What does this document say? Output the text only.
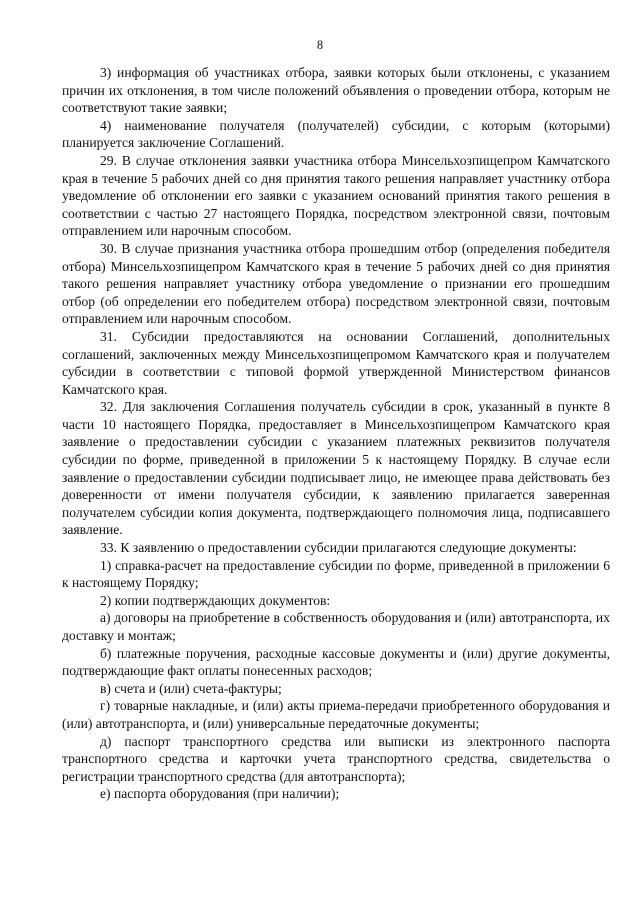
8

3) информация об участниках отбора, заявки которых были отклонены, с указанием причин их отклонения, в том числе положений объявления о проведении отбора, которым не соответствуют такие заявки;

4) наименование получателя (получателей) субсидии, с которым (которыми) планируется заключение Соглашений.

29. В случае отклонения заявки участника отбора Минсельхозпищепром Камчатского края в течение 5 рабочих дней со дня принятия такого решения направляет участнику отбора уведомление об отклонении его заявки с указанием оснований принятия такого решения в соответствии с частью 27 настоящего Порядка, посредством электронной связи, почтовым отправлением или нарочным способом.

30. В случае признания участника отбора прошедшим отбор (определения победителя отбора) Минсельхозпищепром Камчатского края в течение 5 рабочих дней со дня принятия такого решения направляет участнику отбора уведомление о признании его прошедшим отбор (об определении его победителем отбора) посредством электронной связи, почтовым отправлением или нарочным способом.

31. Субсидии предоставляются на основании Соглашений, дополнительных соглашений, заключенных между Минсельхозпищепромом Камчатского края и получателем субсидии в соответствии с типовой формой утвержденной Министерством финансов Камчатского края.

32. Для заключения Соглашения получатель субсидии в срок, указанный в пункте 8 части 10 настоящего Порядка, предоставляет в Минсельхозпищепром Камчатского края заявление о предоставлении субсидии с указанием платежных реквизитов получателя субсидии по форме, приведенной в приложении 5 к настоящему Порядку. В случае если заявление о предоставлении субсидии подписывает лицо, не имеющее права действовать без доверенности от имени получателя субсидии, к заявлению прилагается заверенная получателем субсидии копия документа, подтверждающего полномочия лица, подписавшего заявление.

33. К заявлению о предоставлении субсидии прилагаются следующие документы:

1) справка-расчет на предоставление субсидии по форме, приведенной в приложении 6 к настоящему Порядку;

2) копии подтверждающих документов:

а) договоры на приобретение в собственность оборудования и (или) автотранспорта, их доставку и монтаж;

б) платежные поручения, расходные кассовые документы и (или) другие документы, подтверждающие факт оплаты понесенных расходов;

в) счета и (или) счета-фактуры;

г) товарные накладные, и (или) акты приема-передачи приобретенного оборудования и (или) автотранспорта, и (или) универсальные передаточные документы;

д) паспорт транспортного средства или выписки из электронного паспорта транспортного средства и карточки учета транспортного средства, свидетельства о регистрации транспортного средства (для автотранспорта);

е) паспорта оборудования (при наличии);
